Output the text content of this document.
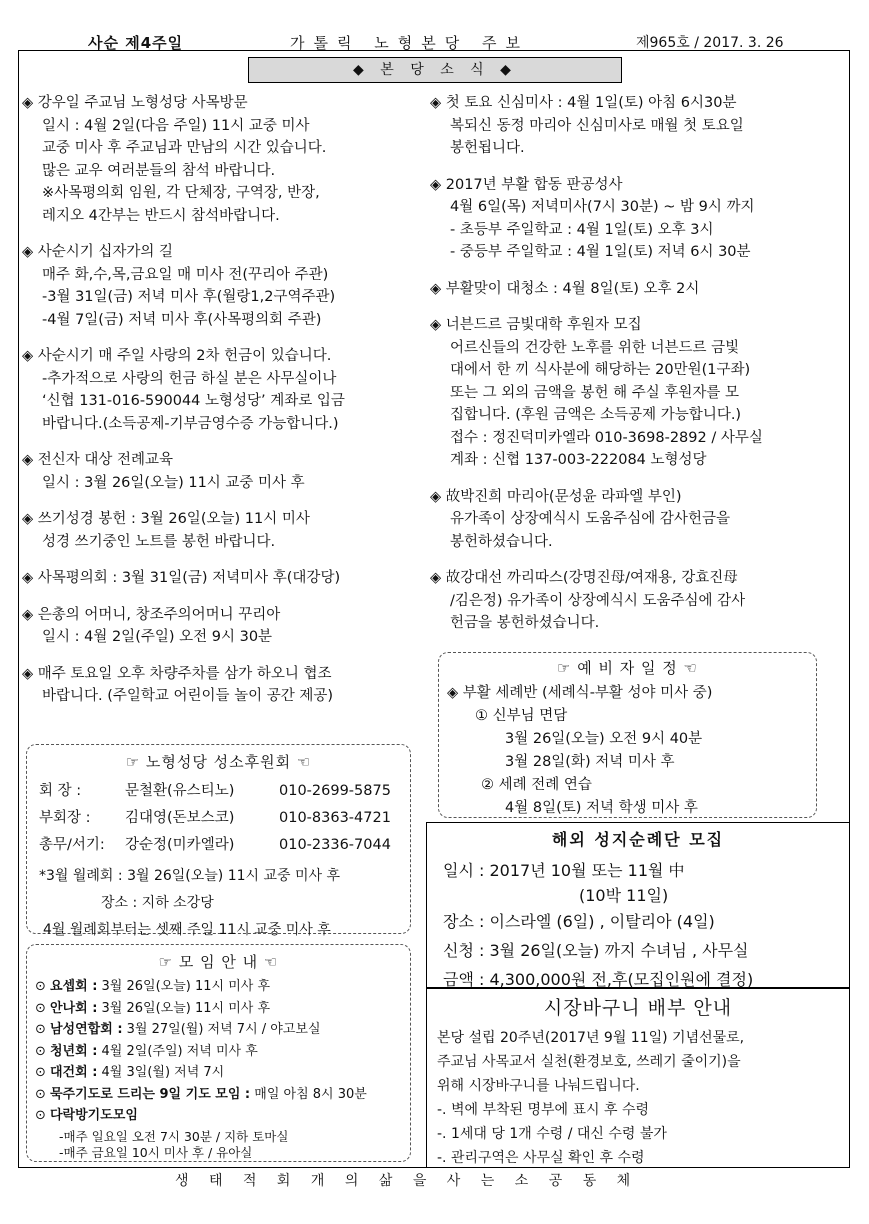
사순 제4주일	가톨릭 노형본당 주보	제965호 / 2017. 3. 26
◆ 본 당 소 식 ◆
◈ 강우일 주교님 노형성당 사목방문
일시 : 4월 2일(다음 주일) 11시 교중 미사
교중 미사 후 주교님과 만남의 시간 있습니다.
많은 교우 여러분들의 참석 바랍니다.
※사목평의회 임원, 각 단체장, 구역장, 반장,
레지오 4간부는 반드시 참석바랍니다.
◈ 사순시기 십자가의 길
매주 화,수,목,금요일 매 미사 전(꾸리아 주관)
-3월 31일(금) 저녁 미사 후(월랑1,2구역주관)
-4월 7일(금) 저녁 미사 후(사목평의회 주관)
◈ 사순시기 매 주일 사랑의 2차 헌금이 있습니다.
-추가적으로 사랑의 헌금 하실 분은 사무실이나
‘신협 131-016-590044 노형성당’ 계좌로 입금
바랍니다.(소득공제-기부금영수증 가능합니다.)
◈ 전신자 대상 전례교육
일시 : 3월 26일(오늘) 11시 교중 미사 후
◈ 쓰기성경 봉헌 : 3월 26일(오늘) 11시 미사
성경 쓰기중인 노트를 봉헌 바랍니다.
◈ 사목평의회 : 3월 31일(금) 저녁미사 후(대강당)
◈ 은총의 어머니, 창조주의어머니 꾸리아
일시 : 4월 2일(주일) 오전 9시 30분
◈ 매주 토요일 오후 차량주차를 삼가 하오니 협조
바랍니다. (주일학교 어린이들 놀이 공간 제공)
◈ 첫 토요 신심미사 : 4월 1일(토) 아침 6시30분
복되신 동정 마리아 신심미사로 매월 첫 토요일
봉헌됩니다.
◈ 2017년 부활 합동 판공성사
4월 6일(목) 저녁미사(7시 30분) ~ 밤 9시 까지
- 초등부 주일학교 : 4월 1일(토) 오후 3시
- 중등부 주일학교 : 4월 1일(토) 저녁 6시 30분
◈ 부활맞이 대청소 : 4월 8일(토) 오후 2시
◈ 너븐드르 금빛대학 후원자 모집
어르신들의 건강한 노후를 위한 너븐드르 금빛
대에서 한 끼 식사분에 해당하는 20만원(1구좌)
또는 그 외의 금액을 봉헌 해 주실 후원자를 모
집합니다. (후원 금액은 소득공제 가능합니다.)
접수 : 정진덕미카엘라 010-3698-2892 / 사무실
계좌 : 신협 137-003-222084 노형성당
◈ 故박진희 마리아(문성윤 라파엘 부인)
유가족이 상장예식시 도움주심에 감사헌금을
봉헌하셨습니다.
◈ 故강대선 까리따스(강명진母/여재용, 강효진母
/김은정) 유가족이 상장예식시 도움주심에 감사
헌금을 봉헌하셨습니다.
☞ 노형성당 성소후원회 ☜
회 장 :	문철환(유스티노)	010-2699-5875
부회장 :	김대영(돈보스코)	010-8363-4721
총무/서기:	강순정(미카엘라)	010-2336-7044
*3월 월례회 : 3월 26일(오늘) 11시 교중 미사 후
장소 : 지하 소강당
4월 월례회부터는 셋째 주일 11시 교중 미사 후
☞ 모 임 안 내 ☜
⊙ 요셉회 : 3월 26일(오늘) 11시 미사 후
⊙ 안나회 : 3월 26일(오늘) 11시 미사 후
⊙ 남성연합회 : 3월 27일(월) 저녁 7시 / 야고보실
⊙ 청년회 : 4월 2일(주일) 저녁 미사 후
⊙ 대건회 : 4월 3일(월) 저녁 7시
⊙ 묵주기도로 드리는 9일 기도 모임 : 매일 아침 8시 30분
⊙ 다락방기도모임
-매주 일요일 오전 7시 30분 / 지하 토마실
-매주 금요일 10시 미사 후 / 유아실
☞ 예 비 자 일 정 ☜
◈ 부활 세례반 (세례식-부활 성야 미사 중)
① 신부님 면담
3월 26일(오늘) 오전 9시 40분
3월 28일(화) 저녁 미사 후
② 세례 전례 연습
4월 8일(토) 저녁 학생 미사 후
해외 성지순례단 모집
일시 : 2017년 10월 또는 11월 中
(10박 11일)
장소 : 이스라엘 (6일) , 이탈리아 (4일)
신청 : 3월 26일(오늘) 까지 수녀님 , 사무실
금액 : 4,300,000원 전,후(모집인원에 결정)
시장바구니 배부 안내
본당 설립 20주년(2017년 9월 11일) 기념선물로,
주교님 사목교서 실천(환경보호, 쓰레기 줄이기)을
위해 시장바구니를 나눠드립니다.
-. 벽에 부착된 명부에 표시 후 수령
-. 1세대 당 1개 수령 / 대신 수령 불가
-. 관리구역은 사무실 확인 후 수령
생 태 적 회 개 의 삶 을 사 는 소 공 동 체
